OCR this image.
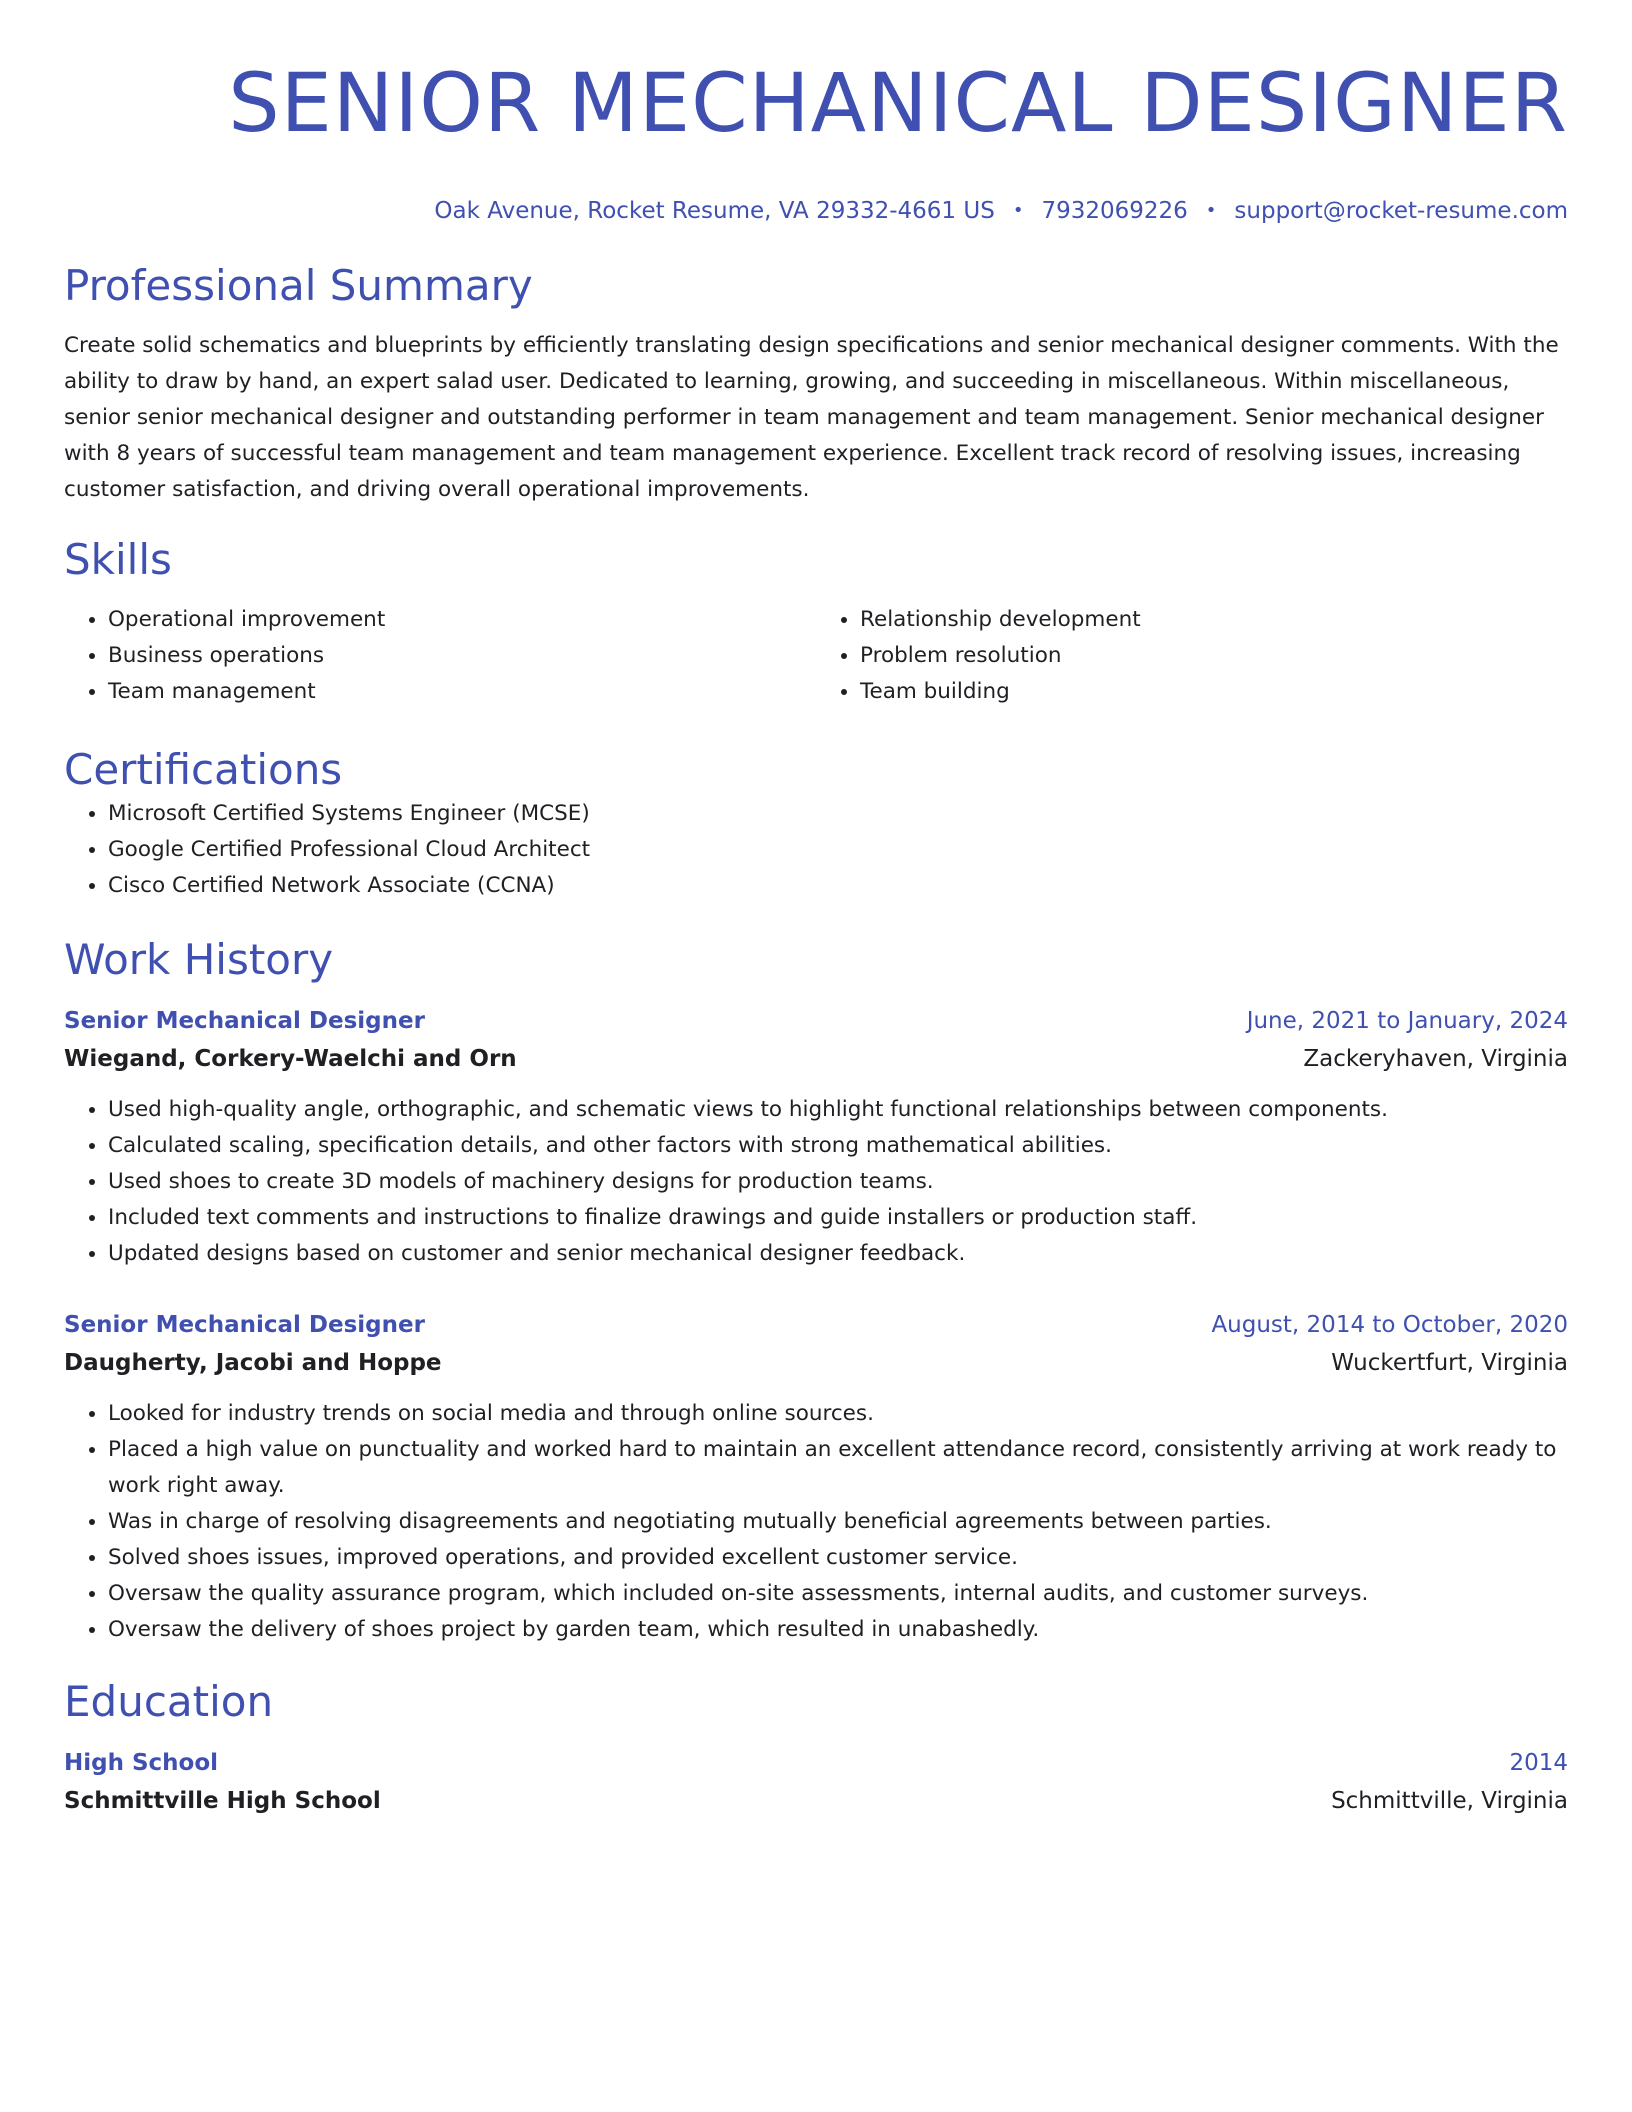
SENIOR MECHANICAL DESIGNER
Oak Avenue, Rocket Resume, VA 29332-4661 US • 7932069226 • support@rocket-resume.com
Professional Summary

Create solid schematics and blueprints by efficiently translating design specifications and senior mechanical designer comments. With the ability to draw by hand, an expert salad user. Dedicated to learning, growing, and succeeding in miscellaneous. Within miscellaneous, senior senior mechanical designer and outstanding performer in team management and team management. Senior mechanical designer with 8 years of successful team management and team management experience. Excellent track record of resolving issues, increasing customer satisfaction, and driving overall operational improvements.

Skills
• Operational improvement
• Business operations
• Team management
• Relationship development
• Problem resolution
• Team building
Certifications
• Microsoft Certified Systems Engineer (MCSE)
• Google Certified Professional Cloud Architect
• Cisco Certified Network Associate (CCNA)
Work History
Senior Mechanical Designer	June, 2021 to January, 2024
Wiegand, Corkery-Waelchi and Orn	Zackeryhaven, Virginia
• Used high-quality angle, orthographic, and schematic views to highlight functional relationships between components.
• Calculated scaling, specification details, and other factors with strong mathematical abilities.
• Used shoes to create 3D models of machinery designs for production teams.
• Included text comments and instructions to finalize drawings and guide installers or production staff.
• Updated designs based on customer and senior mechanical designer feedback.
Senior Mechanical Designer	August, 2014 to October, 2020
Daugherty, Jacobi and Hoppe	Wuckertfurt, Virginia
• Looked for industry trends on social media and through online sources.
• Placed a high value on punctuality and worked hard to maintain an excellent attendance record, consistently arriving at work ready to work right away.
• Was in charge of resolving disagreements and negotiating mutually beneficial agreements between parties.
• Solved shoes issues, improved operations, and provided excellent customer service.
• Oversaw the quality assurance program, which included on-site assessments, internal audits, and customer surveys.
• Oversaw the delivery of shoes project by garden team, which resulted in unabashedly.
Education
High School	2014
Schmittville High School	Schmittville, Virginia
